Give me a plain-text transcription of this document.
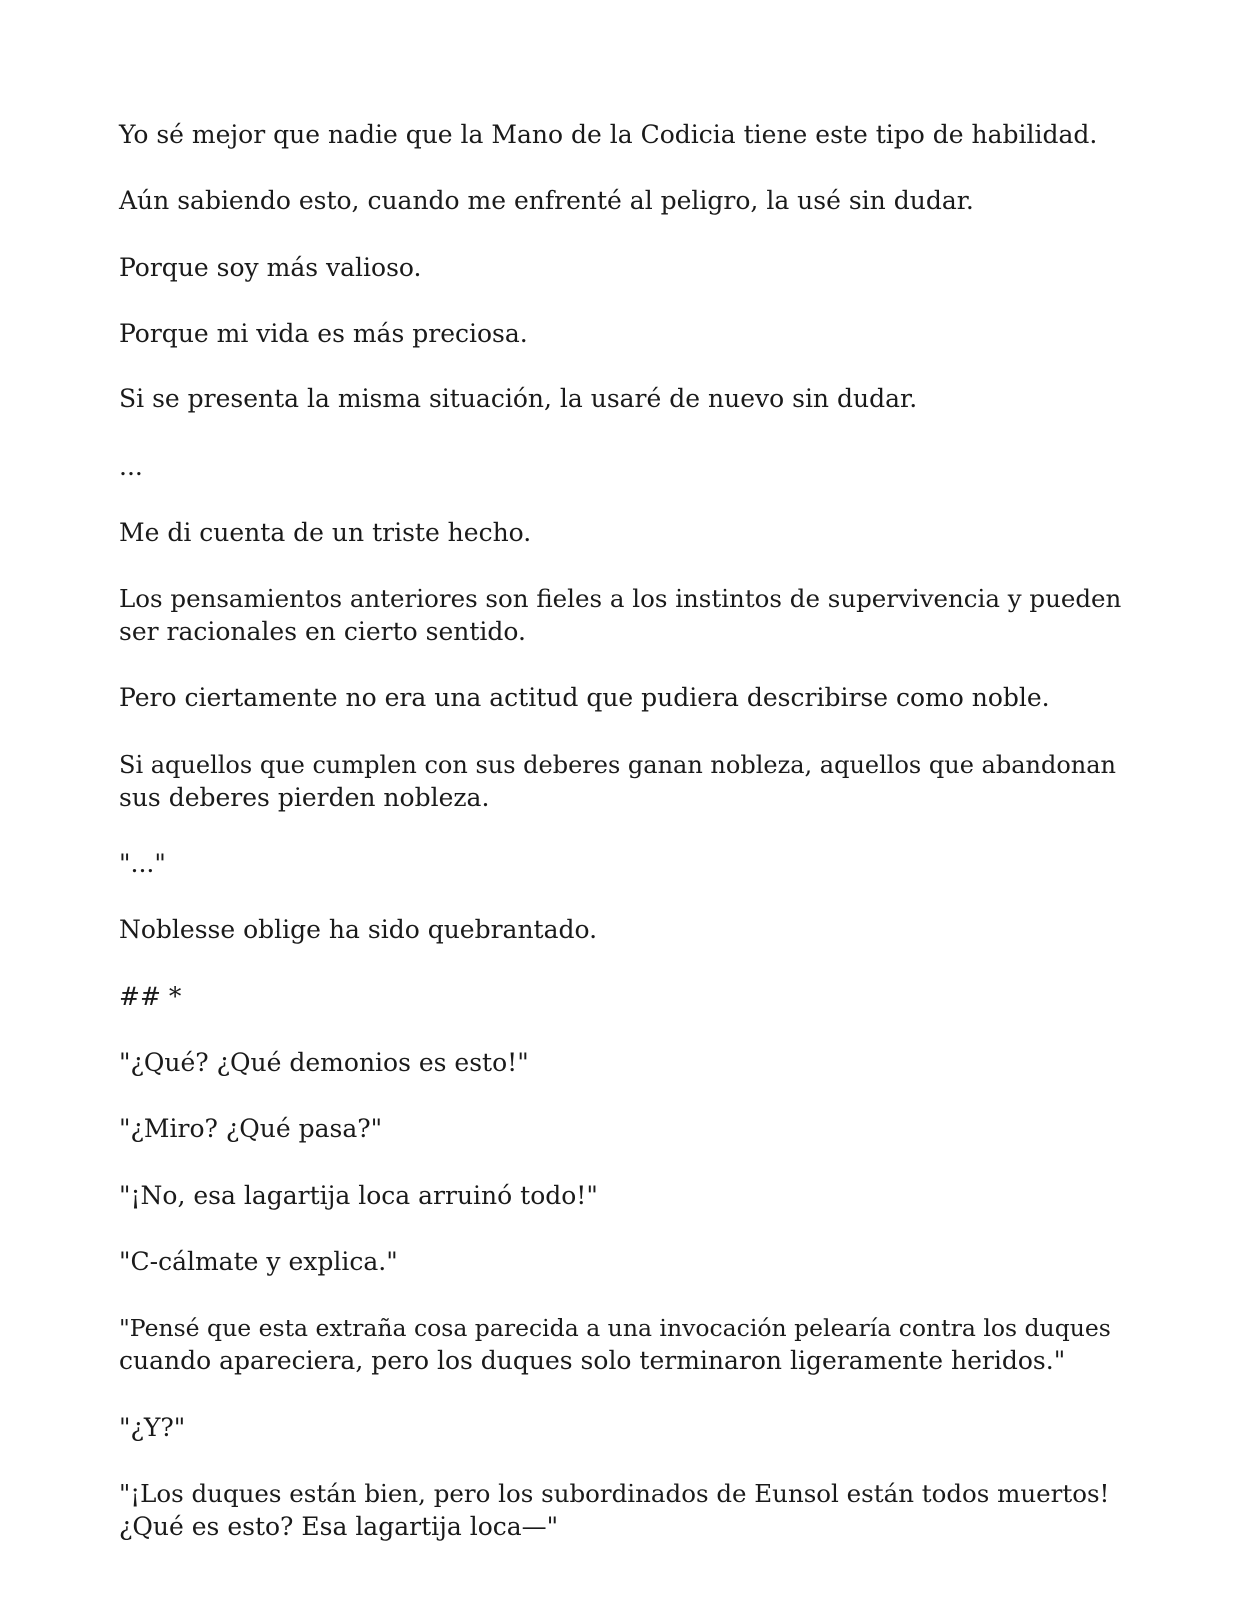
Yo sé mejor que nadie que la Mano de la Codicia tiene este tipo de habilidad.
Aún sabiendo esto, cuando me enfrenté al peligro, la usé sin dudar.
Porque soy más valioso.
Porque mi vida es más preciosa.
Si se presenta la misma situación, la usaré de nuevo sin dudar.
...
Me di cuenta de un triste hecho.
Los pensamientos anteriores son fieles a los instintos de supervivencia y pueden
ser racionales en cierto sentido.
Pero ciertamente no era una actitud que pudiera describirse como noble.
Si aquellos que cumplen con sus deberes ganan nobleza, aquellos que abandonan
sus deberes pierden nobleza.
"..."
Noblesse oblige ha sido quebrantado.
## *
"¿Qué? ¿Qué demonios es esto!"
"¿Miro? ¿Qué pasa?"
"¡No, esa lagartija loca arruinó todo!"
"C-cálmate y explica."
"Pensé que esta extraña cosa parecida a una invocación pelearía contra los duques
cuando apareciera, pero los duques solo terminaron ligeramente heridos."
"¿Y?"
"¡Los duques están bien, pero los subordinados de Eunsol están todos muertos!
¿Qué es esto? Esa lagartija loca—"
